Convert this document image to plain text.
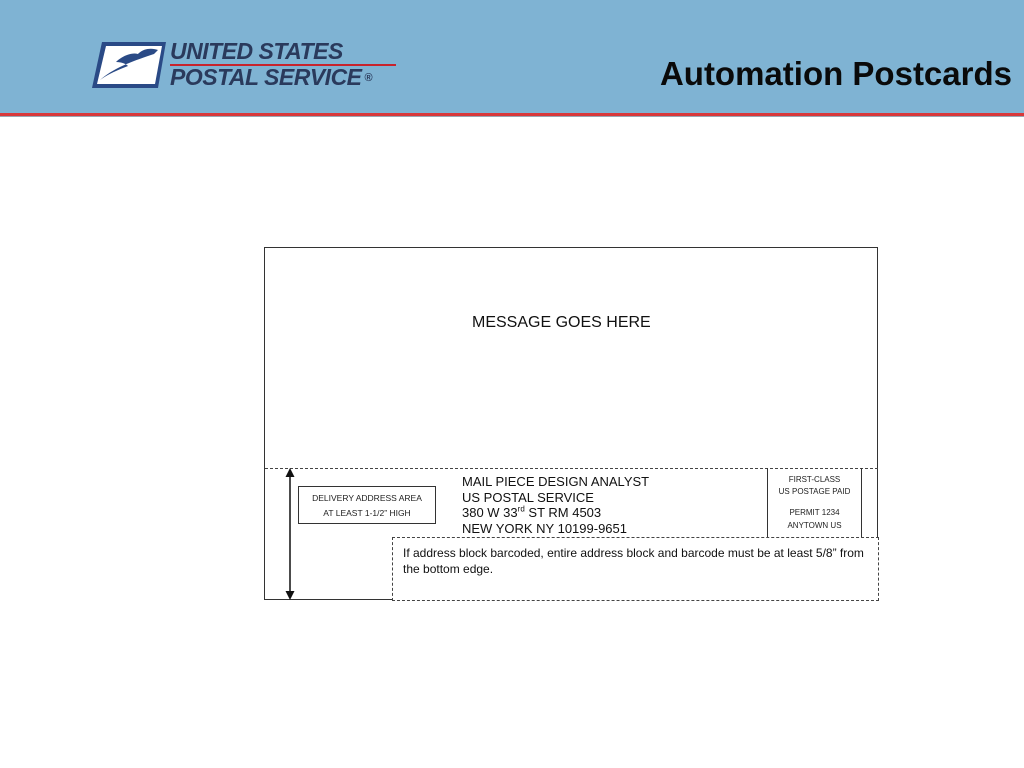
UNITED STATES
POSTAL SERVICE ®	Automation Postcards
MESSAGE GOES HERE
DELIVERY ADDRESS AREA
AT LEAST 1-1/2” HIGH
MAIL PIECE DESIGN ANALYST
US POSTAL SERVICE
380 W 33rd ST RM 4503
NEW YORK NY 10199-9651
FIRST-CLASS
US POSTAGE PAID
PERMIT 1234
ANYTOWN US
If address block barcoded, entire address block and barcode must be at least 5/8” from the bottom edge.
